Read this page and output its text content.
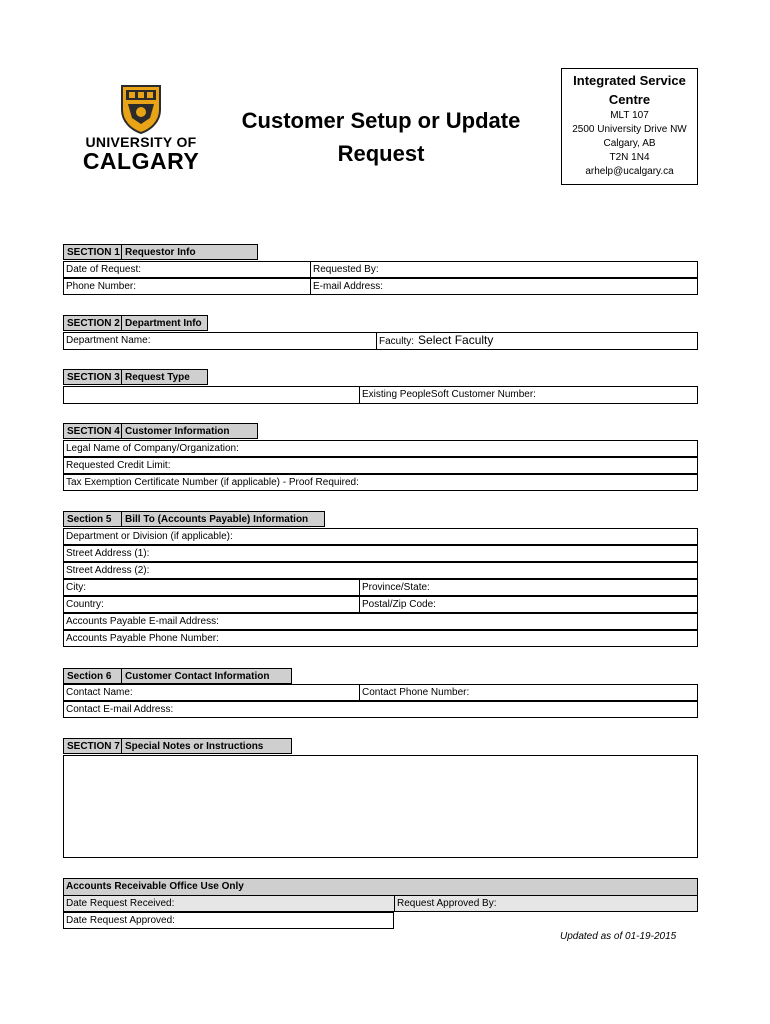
UNIVERSITY OF
CALGARY
Customer Setup or Update
Request
Integrated Service
Centre
MLT 107
2500 University Drive NW
Calgary, AB
T2N 1N4
arhelp@ucalgary.ca
SECTION 1 Requestor Info
Date of Request:	Requested By:
Phone Number:	E-mail Address:
SECTION 2 Department Info
Department Name:	Faculty: Select Faculty
SECTION 3 Request Type
Existing PeopleSoft Customer Number:
SECTION 4 Customer Information
Legal Name of Company/Organization:
Requested Credit Limit:
Tax Exemption Certificate Number (if applicable) - Proof Required:
Section 5 Bill To (Accounts Payable) Information
Department or Division (if applicable):
Street Address (1):
Street Address (2):
City:	Province/State:
Country:	Postal/Zip Code:
Accounts Payable E-mail Address:
Accounts Payable Phone Number:
Section 6 Customer Contact Information
Contact Name:	Contact Phone Number:
Contact E-mail Address:
SECTION 7 Special Notes or Instructions
Accounts Receivable Office Use Only
Date Request Received:	Request Approved By:
Date Request Approved:
Updated as of 01-19-2015
